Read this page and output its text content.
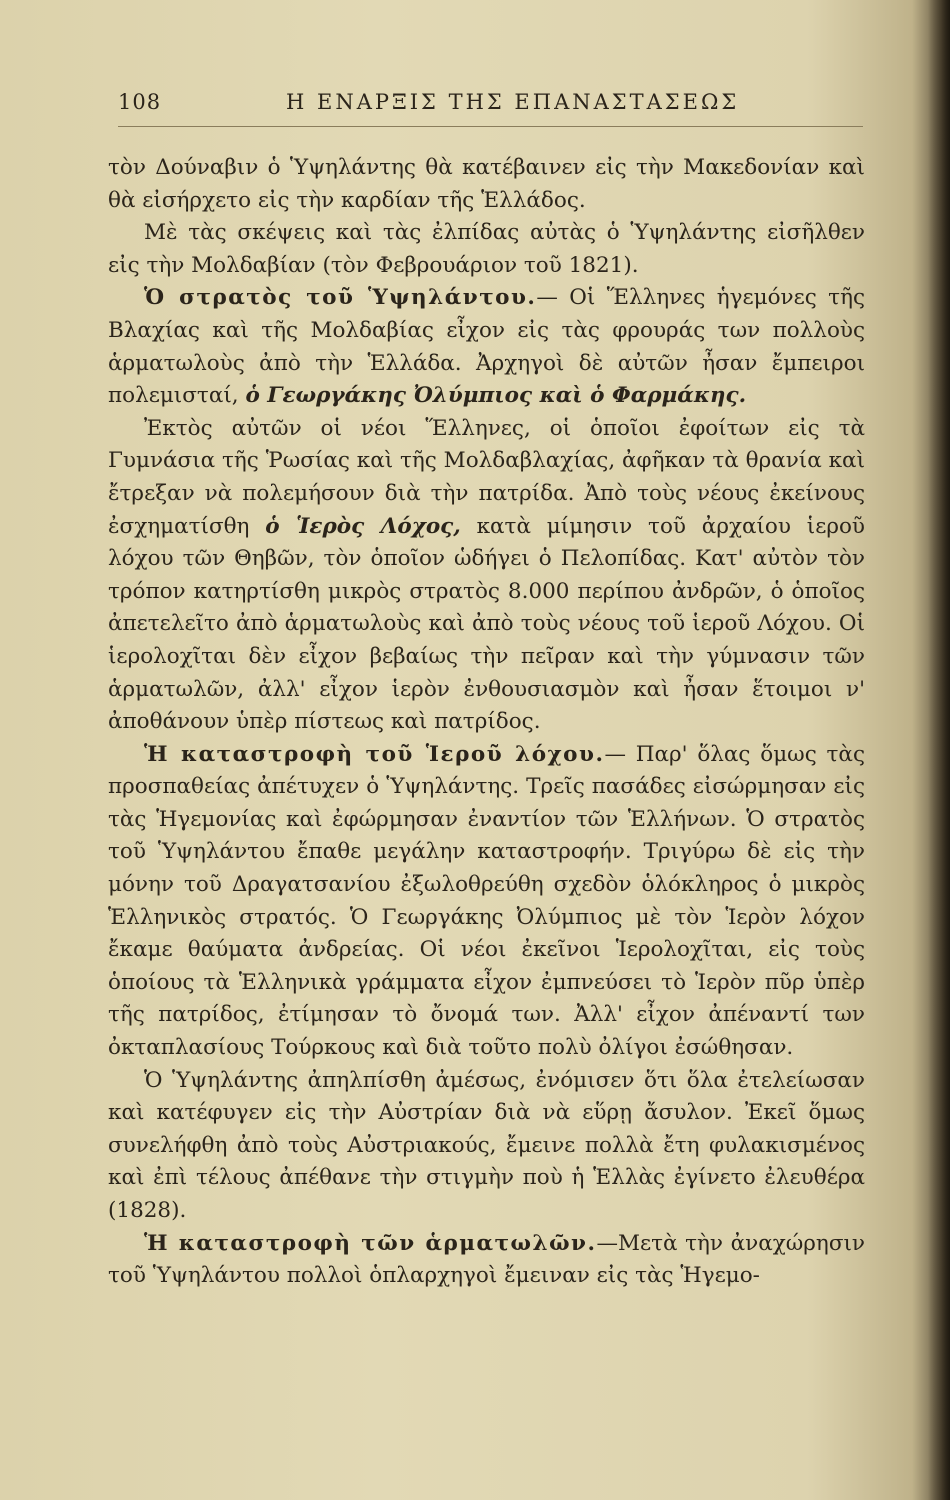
108	Η ΕΝΑΡΞΙΣ ΤΗΣ ΕΠΑΝΑΣΤΑΣΕΩΣ

τὸν Δούναβιν ὁ Ὑψηλάντης θὰ κατέβαινεν εἰς τὴν Μακεδονίαν καὶ θὰ εἰσήρχετο εἰς τὴν καρδίαν τῆς Ἑλλάδος.

Μὲ τὰς σκέψεις καὶ τὰς ἐλπίδας αὐτὰς ὁ Ὑψηλάντης εἰσῆλθεν εἰς τὴν Μολδαβίαν (τὸν Φεβρουάριον τοῦ 1821).

Ὁ στρατὸς τοῦ Ὑψηλάντου.— Οἱ Ἕλληνες ἡγεμόνες τῆς Βλαχίας καὶ τῆς Μολδαβίας εἶχον εἰς τὰς φρουράς των πολλοὺς ἁρματωλοὺς ἀπὸ τὴν Ἑλλάδα. Ἀρχηγοὶ δὲ αὐτῶν ἦσαν ἔμπειροι πολεμισταί, ὁ Γεωργάκης Ὀλύμπιος καὶ ὁ Φαρμάκης.

Ἐκτὸς αὐτῶν οἱ νέοι Ἕλληνες, οἱ ὁποῖοι ἐφοίτων εἰς τὰ Γυμνάσια τῆς Ῥωσίας καὶ τῆς Μολδαβλαχίας, ἀφῆκαν τὰ θρανία καὶ ἔτρεξαν νὰ πολεμήσουν διὰ τὴν πατρίδα. Ἀπὸ τοὺς νέους ἐκείνους ἐσχηματίσθη ὁ Ἱερὸς Λόχος, κατὰ μίμησιν τοῦ ἀρχαίου ἱεροῦ λόχου τῶν Θηβῶν, τὸν ὁποῖον ὡδήγει ὁ Πελοπίδας. Κατ' αὐτὸν τὸν τρόπον κατηρτίσθη μικρὸς στρατὸς 8.000 περίπου ἀνδρῶν, ὁ ὁποῖος ἀπετελεῖτο ἀπὸ ἁρματωλοὺς καὶ ἀπὸ τοὺς νέους τοῦ ἱεροῦ Λόχου. Οἱ ἱερολοχῖται δὲν εἶχον βεβαίως τὴν πεῖραν καὶ τὴν γύμνασιν τῶν ἁρματωλῶν, ἀλλ' εἶχον ἱερὸν ἐνθουσιασμὸν καὶ ἦσαν ἕτοιμοι ν' ἀποθάνουν ὑπὲρ πίστεως καὶ πατρίδος.

Ἡ καταστροφὴ τοῦ Ἱεροῦ λόχου.— Παρ' ὅλας ὅμως τὰς προσπαθείας ἀπέτυχεν ὁ Ὑψηλάντης. Τρεῖς πασάδες εἰσώρμησαν εἰς τὰς Ἡγεμονίας καὶ ἐφώρμησαν ἐναντίον τῶν Ἑλλήνων. Ὁ στρατὸς τοῦ Ὑψηλάντου ἔπαθε μεγάλην καταστροφήν. Τριγύρω δὲ εἰς τὴν μόνην τοῦ Δραγατσανίου ἐξωλοθρεύθη σχεδὸν ὁλόκληρος ὁ μικρὸς Ἑλληνικὸς στρατός. Ὁ Γεωργάκης Ὀλύμπιος μὲ τὸν Ἱερὸν λόχον ἔκαμε θαύματα ἀνδρείας. Οἱ νέοι ἐκεῖνοι Ἱερολοχῖται, εἰς τοὺς ὁποίους τὰ Ἑλληνικὰ γράμματα εἶχον ἐμπνεύσει τὸ Ἱερὸν πῦρ ὑπὲρ τῆς πατρίδος, ἐτίμησαν τὸ ὄνομά των. Ἀλλ' εἶχον ἀπέναντί των ὀκταπλασίους Τούρκους καὶ διὰ τοῦτο πολὺ ὀλίγοι ἐσώθησαν.

Ὁ Ὑψηλάντης ἀπηλπίσθη ἀμέσως, ἐνόμισεν ὅτι ὅλα ἐτελείωσαν καὶ κατέφυγεν εἰς τὴν Αὐστρίαν διὰ νὰ εὕρῃ ἄσυλον. Ἐκεῖ ὅμως συνελήφθη ἀπὸ τοὺς Αὐστριακούς, ἔμεινε πολλὰ ἔτη φυλακισμένος καὶ ἐπὶ τέλους ἀπέθανε τὴν στιγμὴν ποὺ ἡ Ἑλλὰς ἐγίνετο ἐλευθέρα (1828).

Ἡ καταστροφὴ τῶν ἁρματωλῶν.—Μετὰ τὴν ἀναχώρησιν τοῦ Ὑψηλάντου πολλοὶ ὁπλαρχηγοὶ ἔμειναν εἰς τὰς Ἡγεμο-
